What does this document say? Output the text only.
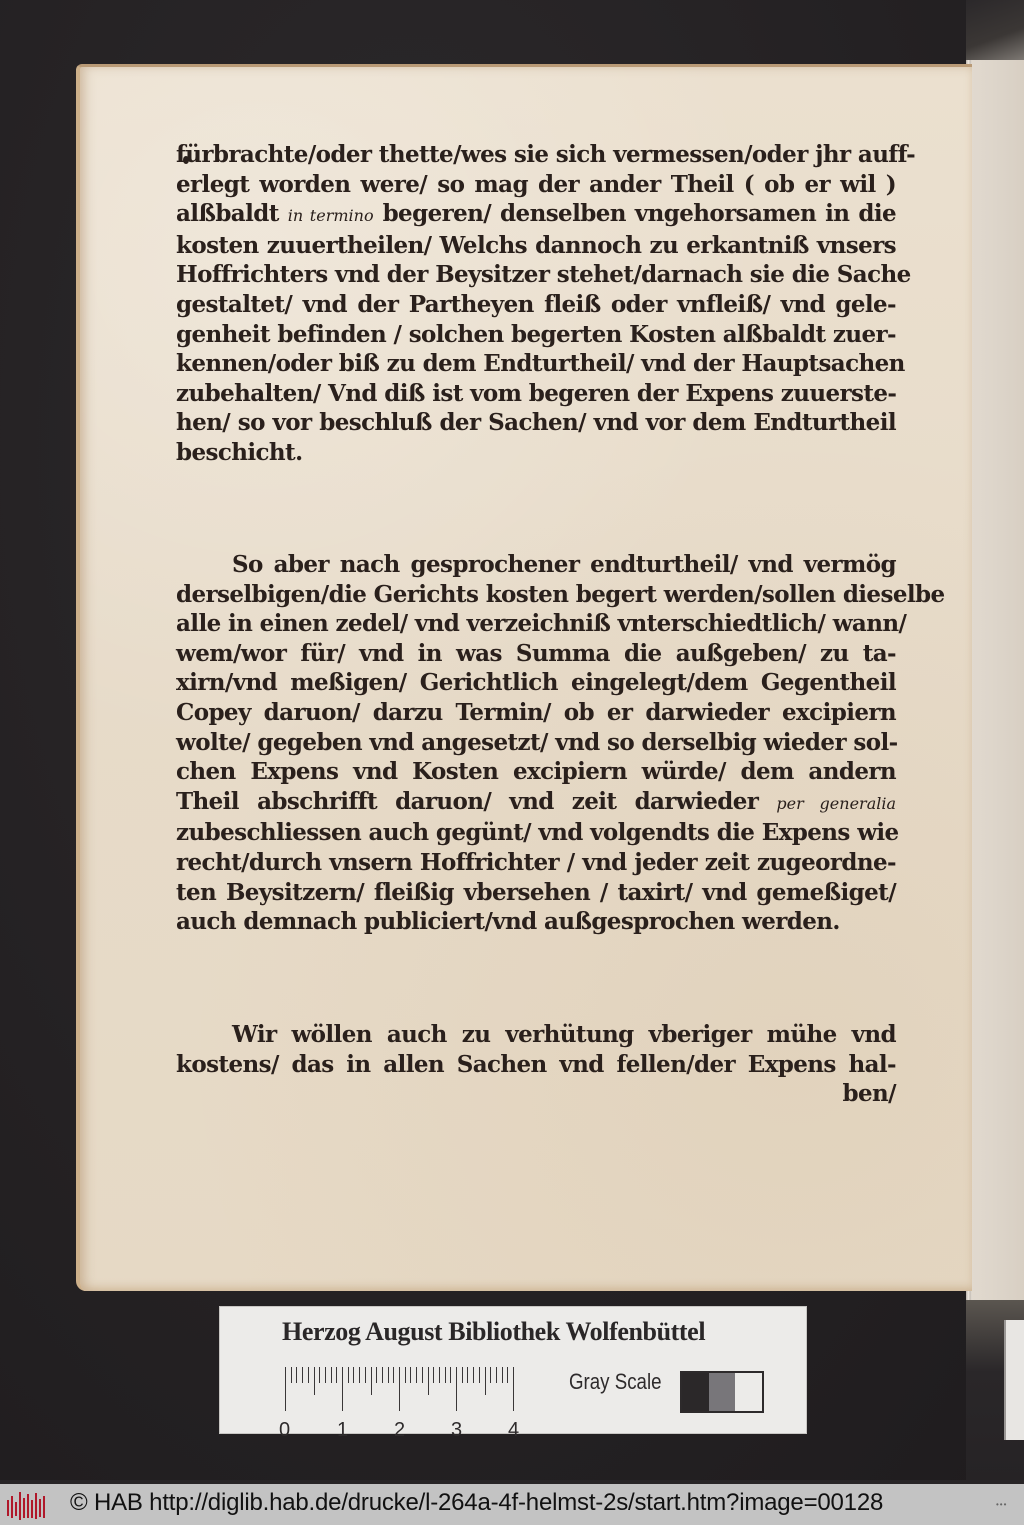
fürbrachte/oder thette/wes sie sich vermessen/oder jhr auff-
erlegt worden were/ so mag der ander Theil ( ob er wil )
alßbaldt in termino begeren/ denselben vngehorsamen in die
kosten zuuertheilen/ Welchs dannoch zu erkantniß vnsers
Hoffrichters vnd der Beysitzer stehet/darnach sie die Sache
gestaltet/ vnd der Partheyen fleiß oder vnfleiß/ vnd gele-
genheit befinden / solchen begerten Kosten alßbaldt zuer-
kennen/oder biß zu dem Endturtheil/ vnd der Hauptsachen
zubehalten/ Vnd diß ist vom begeren der Expens zuuerste-
hen/ so vor beschluß der Sachen/ vnd vor dem Endturtheil
beschicht.
So aber nach gesprochener endturtheil/ vnd vermög
derselbigen/die Gerichts kosten begert werden/sollen dieselbe
alle in einen zedel/ vnd verzeichniß vnterschiedtlich/ wann/
wem/wor für/ vnd in was Summa die außgeben/ zu ta-
xirn/vnd meßigen/ Gerichtlich eingelegt/dem Gegentheil
Copey daruon/ darzu Termin/ ob er darwieder excipiern
wolte/ gegeben vnd angesetzt/ vnd so derselbig wieder sol-
chen Expens vnd Kosten excipiern würde/ dem andern
Theil abschrifft daruon/ vnd zeit darwieder per generalia
zubeschliessen auch gegünt/ vnd volgendts die Expens wie
recht/durch vnsern Hoffrichter / vnd jeder zeit zugeordne-
ten Beysitzern/ fleißig vbersehen / taxirt/ vnd gemeßiget/
auch demnach publiciert/vnd außgesprochen werden.
Wir wöllen auch zu verhütung vberiger mühe vnd
kostens/ das in allen Sachen vnd fellen/der Expens hal-
ben/
Herzog August Bibliothek Wolfenbüttel
0 1 2 3 4
Gray Scale
© HAB http://diglib.hab.de/drucke/l-264a-4f-helmst-2s/start.htm?image=00128	•••
